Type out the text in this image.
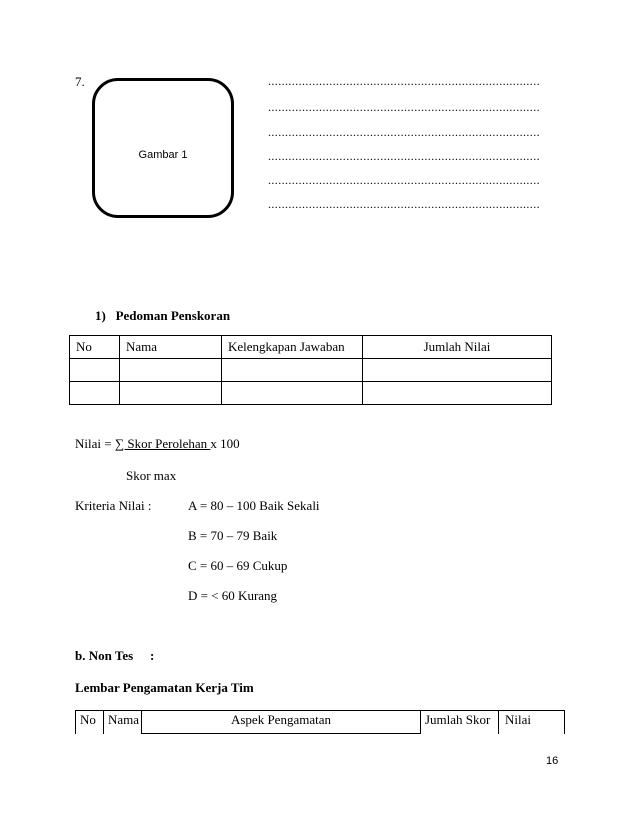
7.
Gambar 1
................................................................................
................................................................................
................................................................................
................................................................................
................................................................................
................................................................................
1)   Pedoman Penskoran
No	Nama	Kelengkapan Jawaban	Jumlah Nilai

Nilai = ∑ Skor Perolehan x 100
Skor max
Kriteria Nilai :	A = 80 – 100 Baik Sekali
B = 70 – 79 Baik
C = 60 – 69 Cukup
D = < 60 Kurang
b. Non Tes :
Lembar Pengamatan Kerja Tim
No Nama	Aspek Pengamatan	Jumlah Skor Nilai
16
